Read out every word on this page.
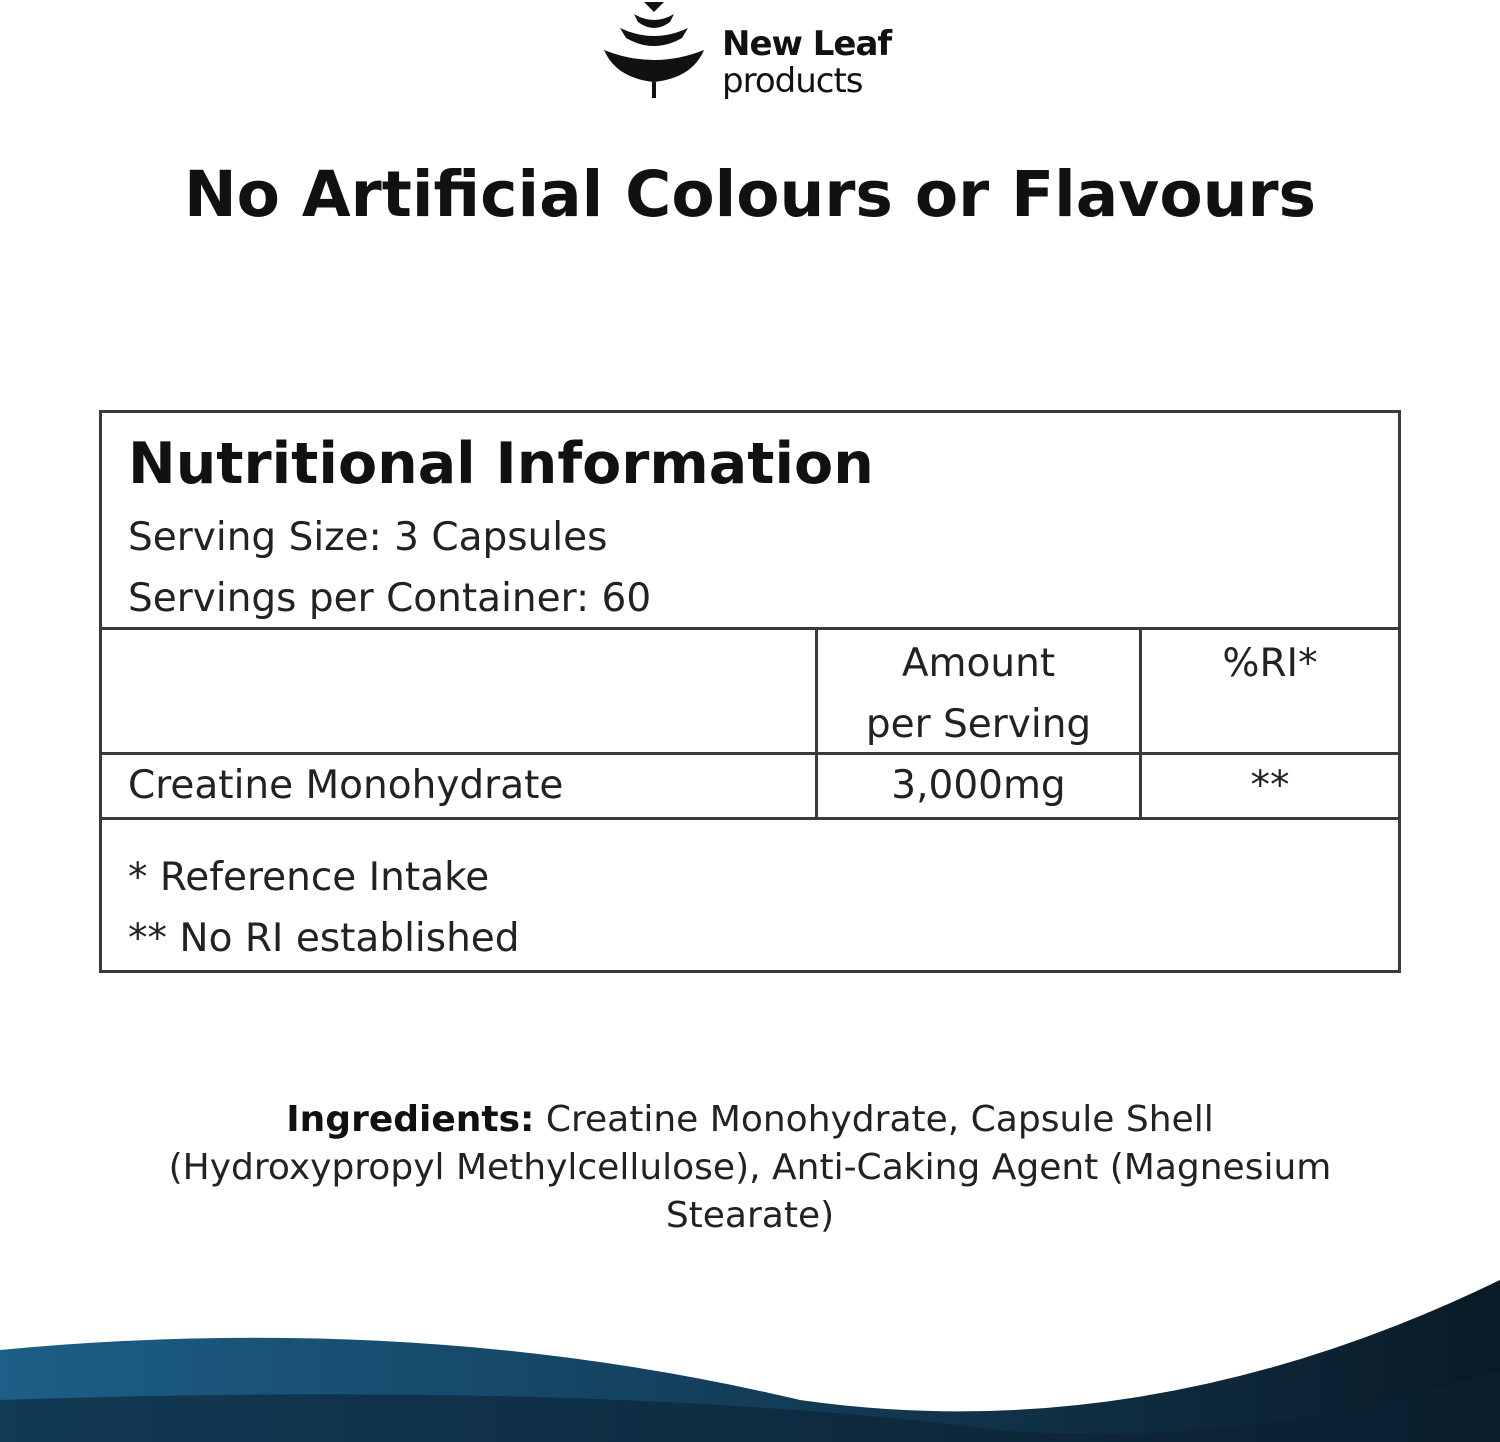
New Leaf
products
No Artificial Colours or Flavours
Nutritional Information
Serving Size: 3 Capsules
Servings per Container: 60
Amount
per Serving
%RI*
Creatine Monohydrate	3,000mg	**
* Reference Intake
** No RI established
Ingredients: Creatine Monohydrate, Capsule Shell (Hydroxypropyl Methylcellulose), Anti-Caking Agent (Magnesium Stearate)
